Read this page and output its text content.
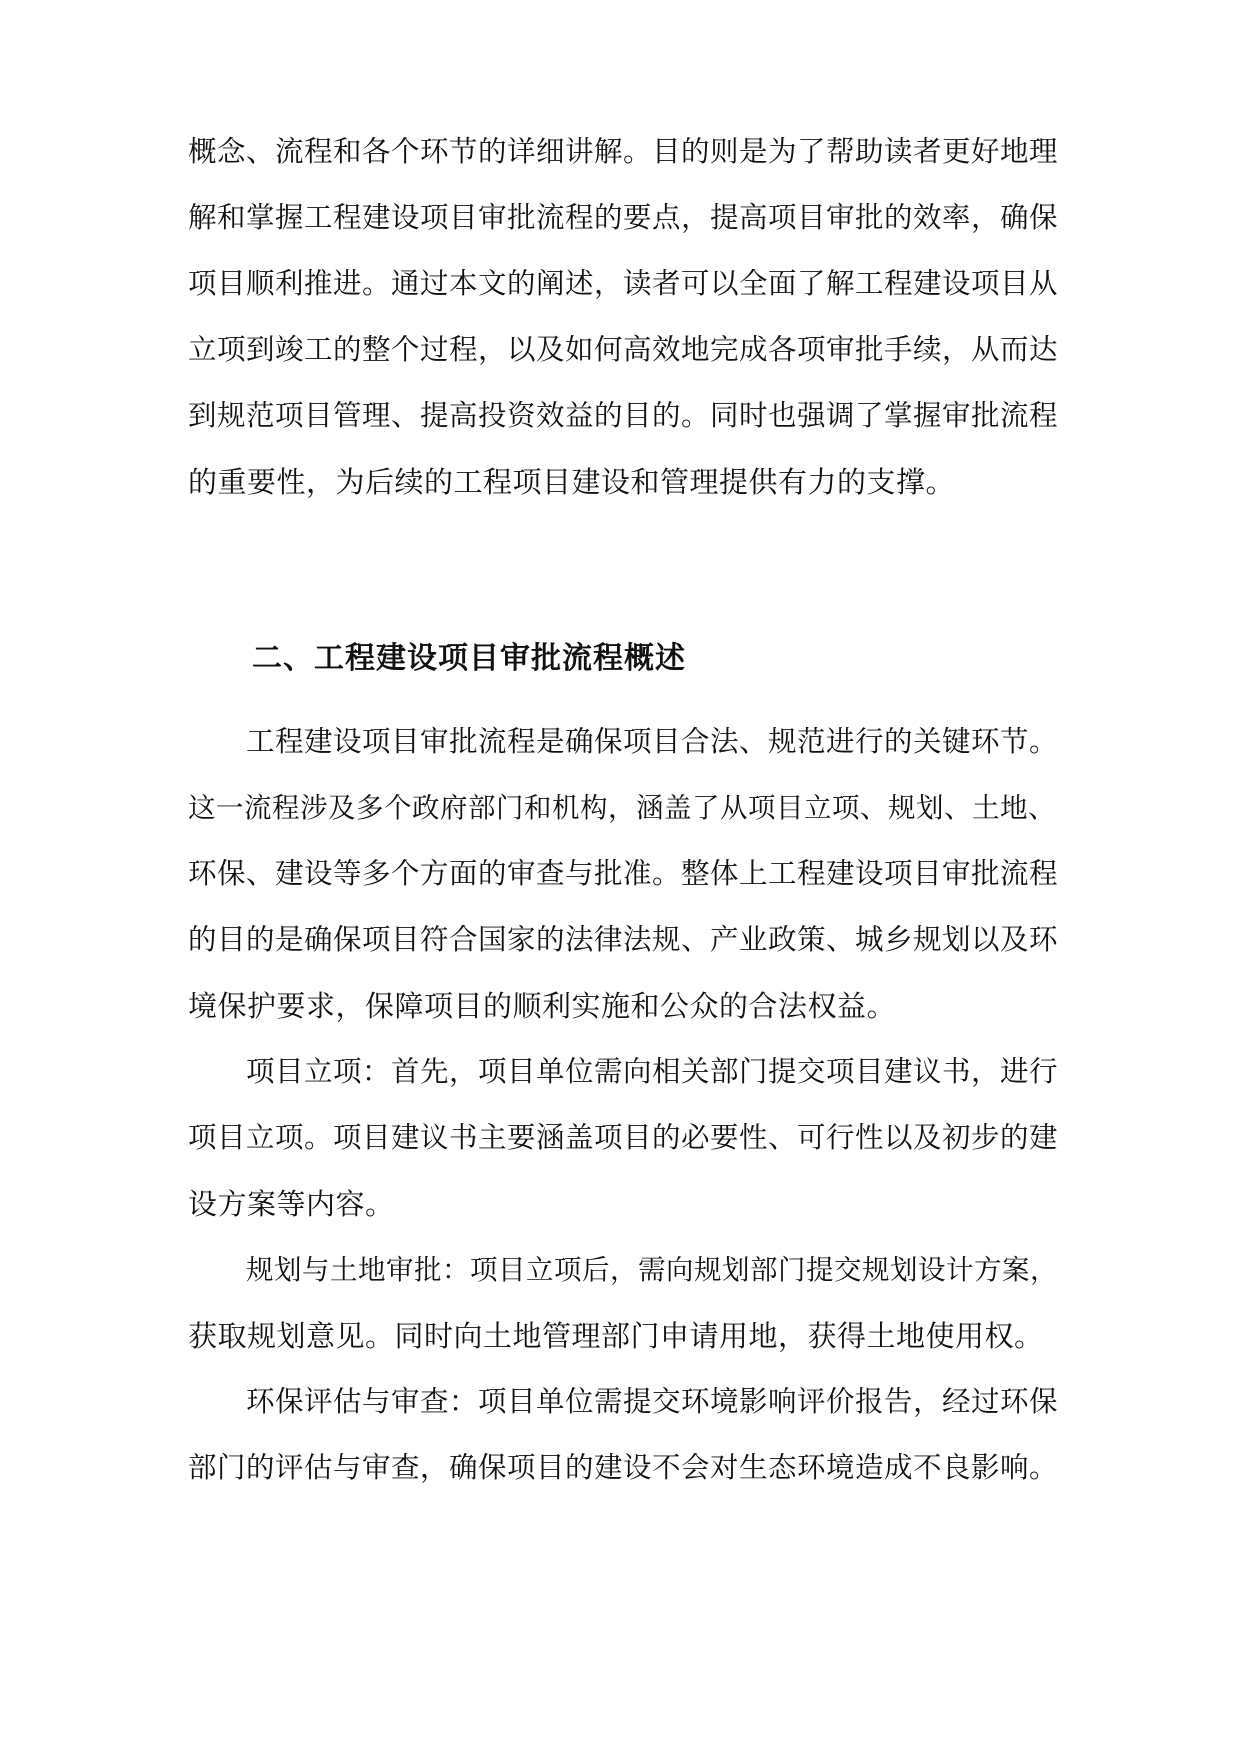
概念、流程和各个环节的详细讲解。目的则是为了帮助读者更好地理
解和掌握工程建设项目审批流程的要点，提高项目审批的效率，确保
项目顺利推进。通过本文的阐述，读者可以全面了解工程建设项目从
立项到竣工的整个过程，以及如何高效地完成各项审批手续，从而达
到规范项目管理、提高投资效益的目的。同时也强调了掌握审批流程
的重要性，为后续的工程项目建设和管理提供有力的支撑。
二、工程建设项目审批流程概述
工程建设项目审批流程是确保项目合法、规范进行的关键环节。
这一流程涉及多个政府部门和机构，涵盖了从项目立项、规划、土地、
环保、建设等多个方面的审查与批准。整体上工程建设项目审批流程
的目的是确保项目符合国家的法律法规、产业政策、城乡规划以及环
境保护要求，保障项目的顺利实施和公众的合法权益。
项目立项：首先，项目单位需向相关部门提交项目建议书，进行
项目立项。项目建议书主要涵盖项目的必要性、可行性以及初步的建
设方案等内容。
规划与土地审批：项目立项后，需向规划部门提交规划设计方案，
获取规划意见。同时向土地管理部门申请用地，获得土地使用权。
环保评估与审查：项目单位需提交环境影响评价报告，经过环保
部门的评估与审查，确保项目的建设不会对生态环境造成不良影响。
